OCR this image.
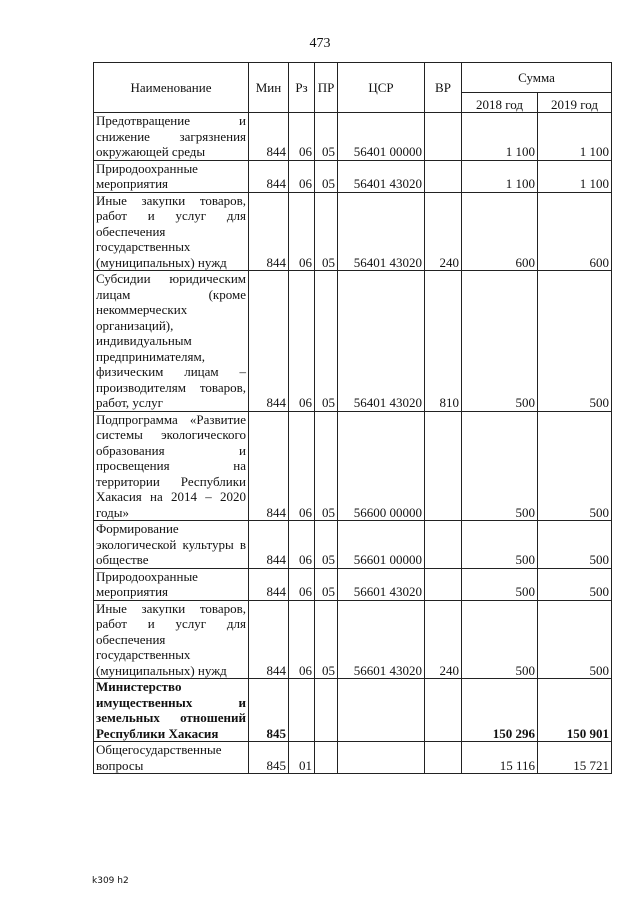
473
Наименование	Мин	Рз	ПР	ЦСР	ВР	Сумма	
						2018 год	2019 год
Предотвращение и снижение загрязнения окружающей среды	844	06	05	56401 00000		1 100	1 100
Природоохранные мероприятия	844	06	05	56401 43020		1 100	1 100
Иные закупки товаров, работ и услуг для обеспечения государственных (муниципальных) нужд	844	06	05	56401 43020	240	600	600
Субсидии юридическим лицам (кроме некоммерческих организаций), индивидуальным предпринимателям, физическим лицам – производителям товаров, работ, услуг	844	06	05	56401 43020	810	500	500
Подпрограмма «Развитие системы экологического образования и просвещения на территории Республики Хакасия на 2014 – 2020 годы»	844	06	05	56600 00000		500	500
Формирование экологической культуры в обществе	844	06	05	56601 00000		500	500
Природоохранные мероприятия	844	06	05	56601 43020		500	500
Иные закупки товаров, работ и услуг для обеспечения государственных (муниципальных) нужд	844	06	05	56601 43020	240	500	500
Министерство имущественных и земельных отношений Республики Хакасия	845					150 296	150 901
Общегосударственные вопросы	845	01				15 116	15 721
k309 h2
